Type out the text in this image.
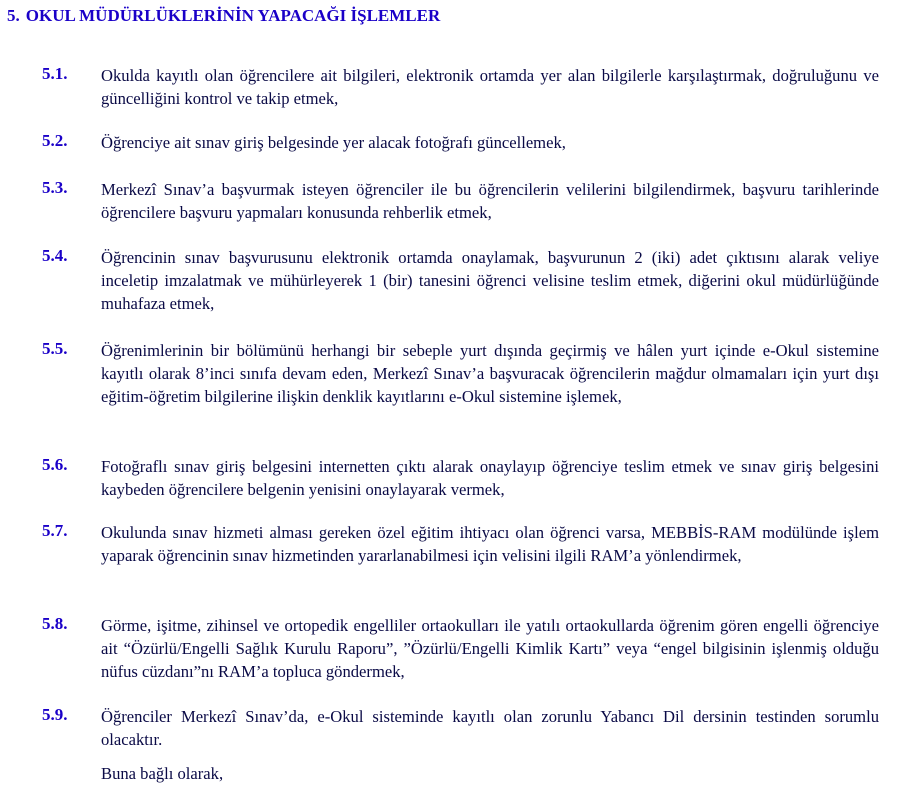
5. OKUL MÜDÜRLÜKLERİNİN YAPACAĞI İŞLEMLER
5.1. Okulda kayıtlı olan öğrencilere ait bilgileri, elektronik ortamda yer alan bilgilerle karşılaştırmak, doğruluğunu ve güncelliğini kontrol ve takip etmek,
5.2. Öğrenciye ait sınav giriş belgesinde yer alacak fotoğrafı güncellemek,
5.3. Merkezî Sınav’a başvurmak isteyen öğrenciler ile bu öğrencilerin velilerini bilgilendirmek, başvuru tarihlerinde öğrencilere başvuru yapmaları konusunda rehberlik etmek,
5.4. Öğrencinin sınav başvurusunu elektronik ortamda onaylamak, başvurunun 2 (iki) adet çıktısını alarak veliye inceletip imzalatmak ve mühürleyerek 1 (bir) tanesini öğrenci velisine teslim etmek, diğerini okul müdürlüğünde muhafaza etmek,
5.5. Öğrenimlerinin bir bölümünü herhangi bir sebeple yurt dışında geçirmiş ve hâlen yurt içinde e-Okul sistemine kayıtlı olarak 8’inci sınıfa devam eden, Merkezî Sınav’a başvuracak öğrencilerin mağdur olmamaları için yurt dışı eğitim-öğretim bilgilerine ilişkin denklik kayıtlarını e-Okul sistemine işlemek,
5.6. Fotoğraflı sınav giriş belgesini internetten çıktı alarak onaylayıp öğrenciye teslim etmek ve sınav giriş belgesini kaybeden öğrencilere belgenin yenisini onaylayarak vermek,
5.7. Okulunda sınav hizmeti alması gereken özel eğitim ihtiyacı olan öğrenci varsa, MEBBİS-RAM modülünde işlem yaparak öğrencinin sınav hizmetinden yararlanabilmesi için velisini ilgili RAM’a yönlendirmek,
5.8. Görme, işitme, zihinsel ve ortopedik engelliler ortaokulları ile yatılı ortaokullarda öğrenim gören engelli öğrenciye ait “Özürlü/Engelli Sağlık Kurulu Raporu”, ”Özürlü/Engelli Kimlik Kartı” veya “engel bilgisinin işlenmiş olduğu nüfus cüzdanı”nı RAM’a topluca göndermek,
5.9. Öğrenciler Merkezî Sınav’da, e-Okul sisteminde kayıtlı olan zorunlu Yabancı Dil dersinin testinden sorumlu olacaktır.
Buna bağlı olarak,
